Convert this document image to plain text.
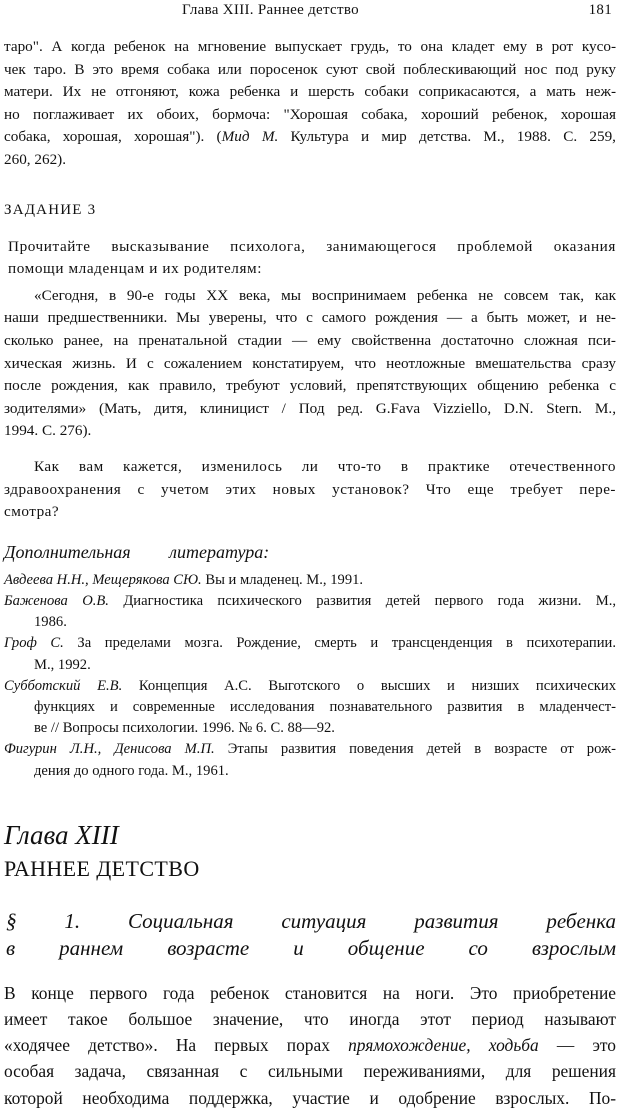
Глава XIII. Раннее детство	181
таро". А когда ребенок на мгновение выпускает грудь, то она кладет ему в рот кусо-
чек таро. В это время собака или поросенок суют свой поблескивающий нос под руку
матери. Их не отгоняют, кожа ребенка и шерсть собаки соприкасаются, а мать неж-
но поглаживает их обоих, бормоча: "Хорошая собака, хороший ребенок, хорошая
собака, хорошая, хорошая"). (Мид М. Культура и мир детства. М., 1988. С. 259,
260, 262).
ЗАДАНИЕ 3
Прочитайте высказывание психолога, занимающегося проблемой оказания
помощи младенцам и их родителям:
«Сегодня, в 90-е годы XX века, мы воспринимаем ребенка не совсем так, как
наши предшественники. Мы уверены, что с самого рождения — а быть может, и не-
сколько ранее, на пренатальной стадии — ему свойственна достаточно сложная пси-
хическая жизнь. И с сожалением констатируем, что неотложные вмешательства сразу
после рождения, как правило, требуют условий, препятствующих общению ребенка с
зодителями» (Мать, дитя, клиницист / Под ред. G.Fava Vizziello, D.N. Stern. М.,
1994. С. 276).
Как вам кажется, изменилось ли что-то в практике отечественного
здравоохранения с учетом этих новых установок? Что еще требует пере-
смотра?
Дополнительная литература:
Авдеева Н.Н., Мещерякова СЮ. Вы и младенец. М., 1991.
Баженова О.В. Диагностика психического развития детей первого года жизни. М.,
1986.
Гроф С. За пределами мозга. Рождение, смерть и трансценденция в психотерапии.
М., 1992.
Субботский Е.В. Концепция А.С. Выготского о высших и низших психических
функциях и современные исследования познавательного развития в младенчест-
ве // Вопросы психологии. 1996. № 6. С. 88—92.
Фигурин Л.Н., Денисова М.П. Этапы развития поведения детей в возрасте от рож-
дения до одного года. М., 1961.
Глава XIII
РАННЕЕ ДЕТСТВО
§ 1. Социальная ситуация развития ребенка
в раннем возрасте и общение со взрослым
В конце первого года ребенок становится на ноги. Это приобретение
имеет такое большое значение, что иногда этот период называют
«ходячее детство». На первых порах прямохождение, ходьба — это
особая задача, связанная с сильными переживаниями, для решения
которой необходима поддержка, участие и одобрение взрослых. По-
